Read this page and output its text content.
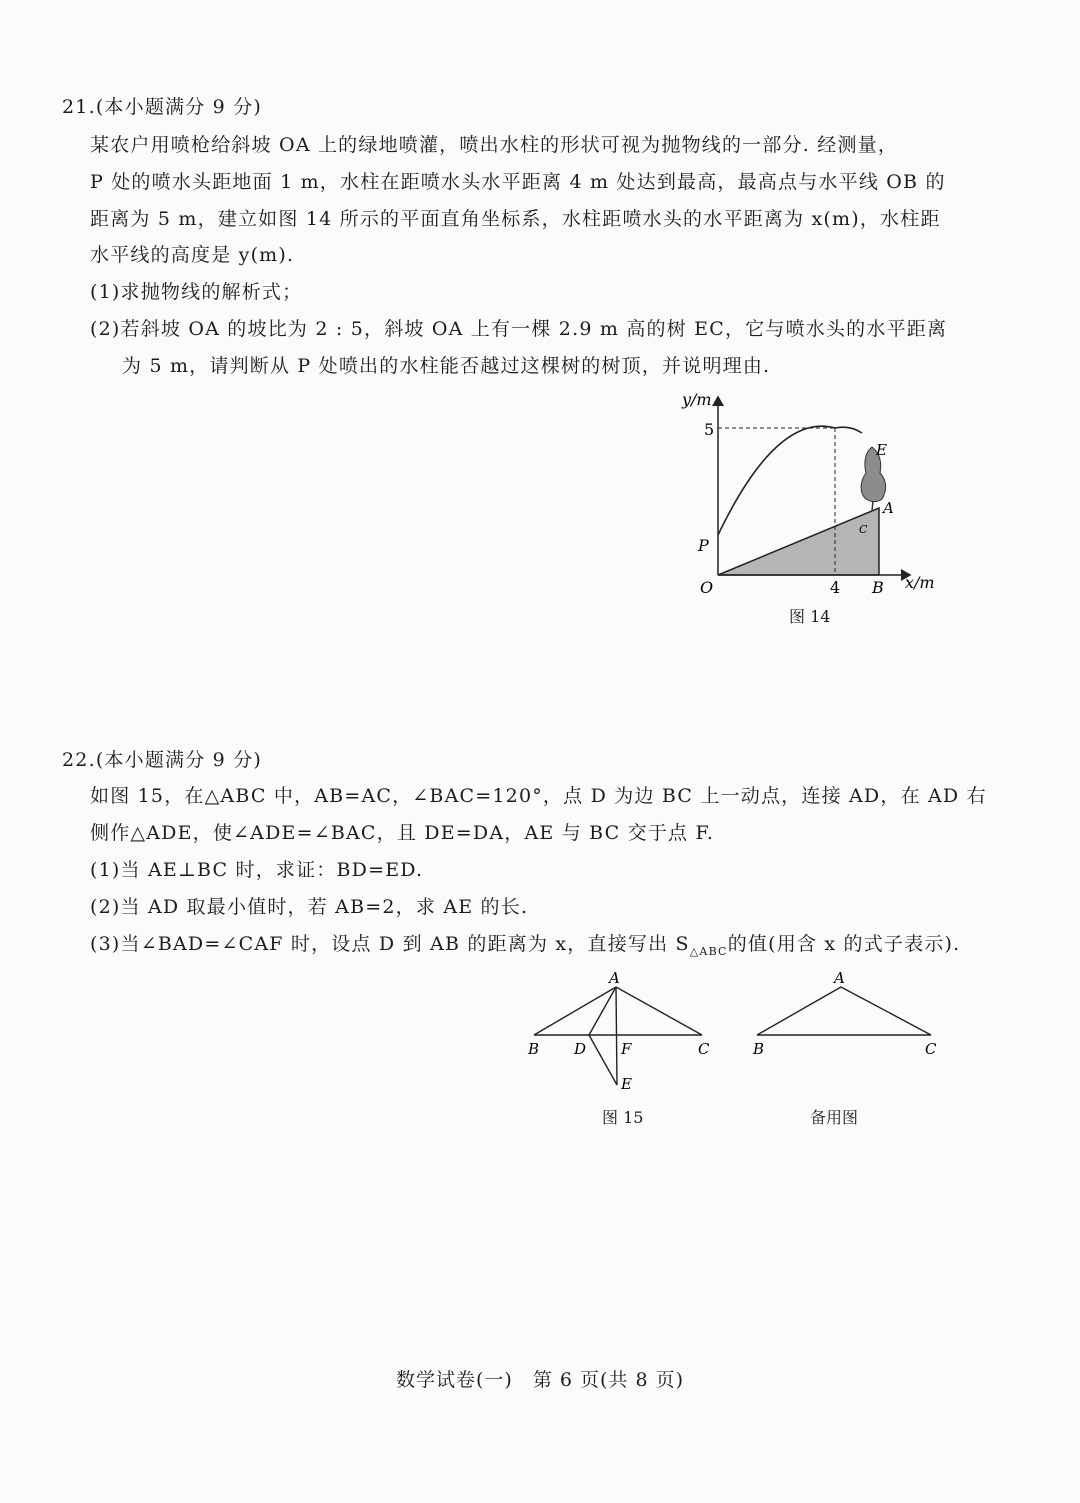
21.(本小题满分 9 分)
某农户用喷枪给斜坡 OA 上的绿地喷灌，喷出水柱的形状可视为抛物线的一部分. 经测量，
P 处的喷水头距地面 1 m，水柱在距喷水头水平距离 4 m 处达到最高，最高点与水平线 OB 的
距离为 5 m，建立如图 14 所示的平面直角坐标系，水柱距喷水头的水平距离为 x(m)，水柱距
水平线的高度是 y(m).
(1)求抛物线的解析式；
(2)若斜坡 OA 的坡比为 2 : 5，斜坡 OA 上有一棵 2.9 m 高的树 EC，它与喷水头的水平距离
为 5 m，请判断从 P 处喷出的水柱能否越过这棵树的树顶，并说明理由.
y/m
5
P
O	4 B x/m
A
E
C
图 14
22.(本小题满分 9 分)
如图 15，在△ABC 中，AB=AC，∠BAC=120°，点 D 为边 BC 上一动点，连接 AD，在 AD 右
侧作△ADE，使∠ADE=∠BAC，且 DE=DA，AE 与 BC 交于点 F.
(1)当 AE⊥BC 时，求证：BD=ED.
(2)当 AD 取最小值时，若 AB=2，求 AE 的长.
(3)当∠BAD=∠CAF 时，设点 D 到 AB 的距离为 x，直接写出 $S_{\triangle ABC}$的值(用含 x 的式子表示).
A
B D F	C
E
图 15
A
B	C
备用图
数学试卷(一) 第 6 页(共 8 页)
